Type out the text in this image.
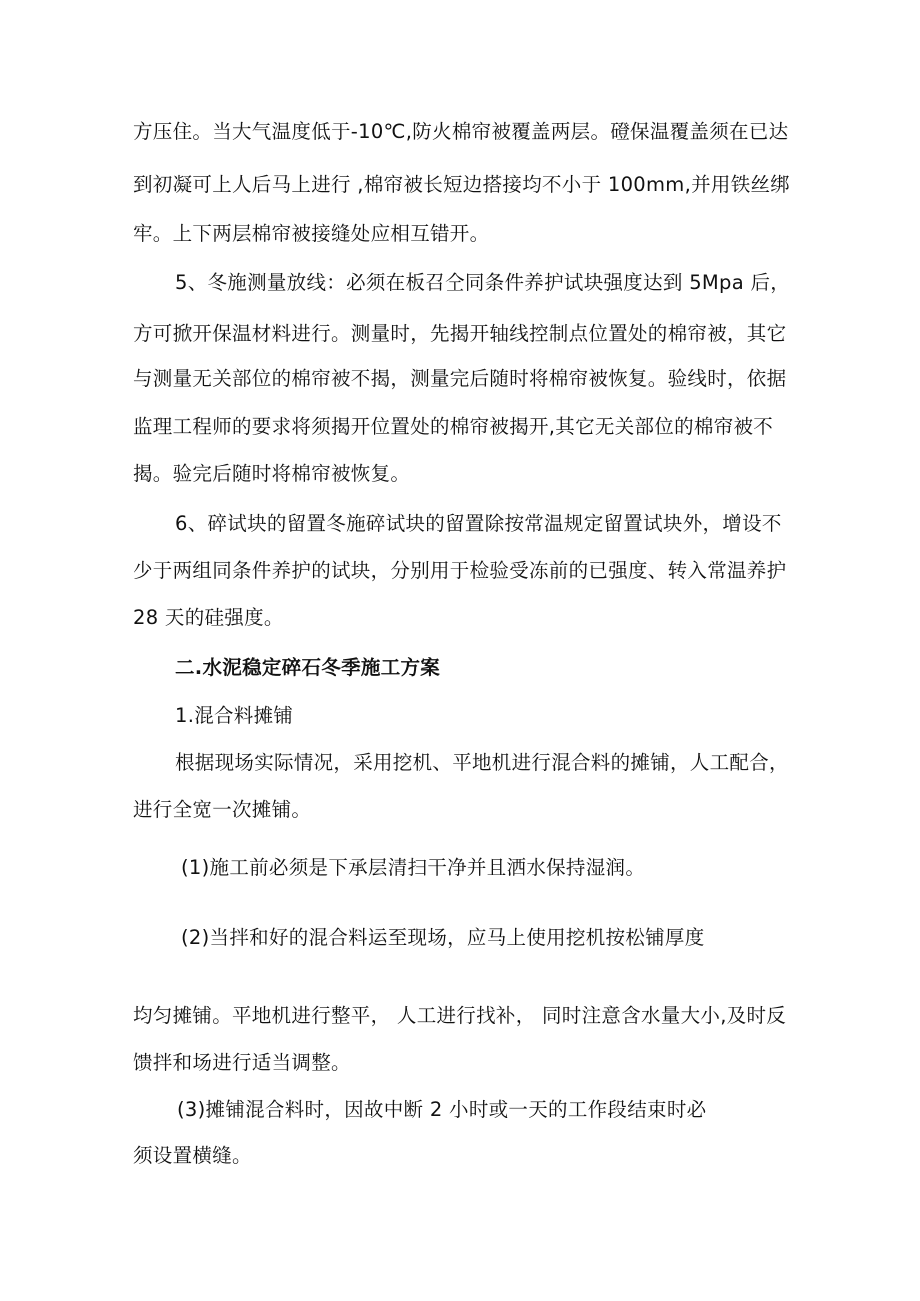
方压住。当大气温度低于-10℃,防火棉帘被覆盖两层。磴保温覆盖须在已达
到初凝可上人后马上进行 ,棉帘被长短边搭接均不小于 100mm,并用铁丝绑
牢。上下两层棉帘被接缝处应相互错开。
5、冬施测量放线：必须在板召仝同条件养护试块强度达到 5Mpa 后，
方可掀开保温材料进行。测量时，先揭开轴线控制点位置处的棉帘被，其它
与测量无关部位的棉帘被不揭，测量完后随时将棉帘被恢复。验线时，依据
监理工程师的要求将须揭开位置处的棉帘被揭开,其它无关部位的棉帘被不
揭。验完后随时将棉帘被恢复。
6、碎试块的留置冬施碎试块的留置除按常温规定留置试块外，增设不
少于两组同条件养护的试块，分别用于检验受冻前的已强度、转入常温养护
28 天的硅强度。
二.水泥稳定碎石冬季施工方案
1.混合料摊铺
根据现场实际情况，采用挖机、平地机进行混合料的摊铺，人工配合，
进行全宽一次摊铺。
(1)施工前必须是下承层清扫干净并且洒水保持湿润。
(2)当拌和好的混合料运至现场，应马上使用挖机按松铺厚度
均匀摊铺。平地机进行整平， 人工进行找补， 同时注意含水量大小,及时反
馈拌和场进行适当调整。
(3)摊铺混合料时，因故中断 2 小时或一天的工作段结束时必
须设置横缝。
